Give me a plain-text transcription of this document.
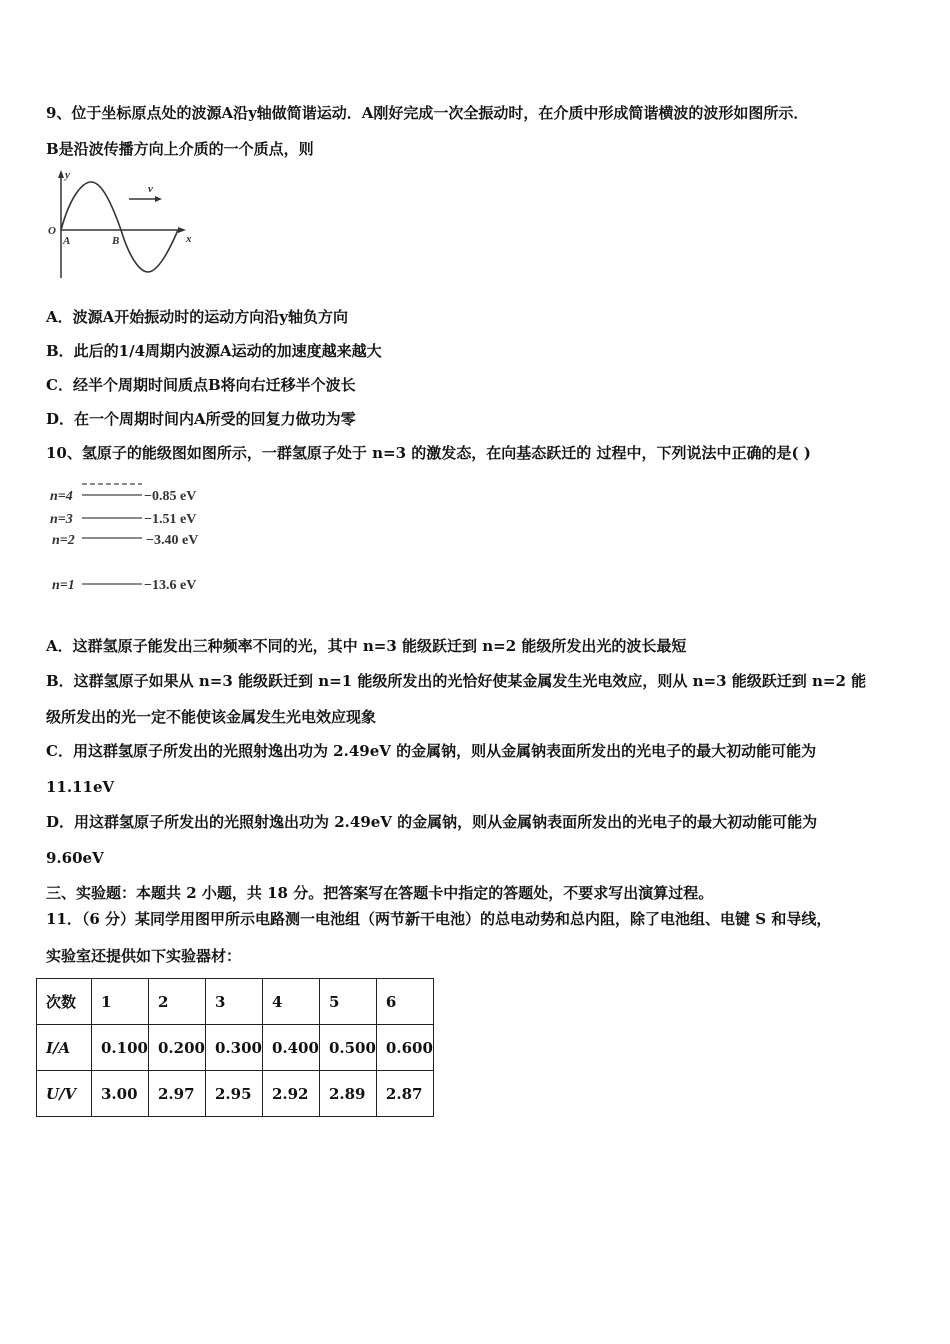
9、位于坐标原点处的波源A沿y轴做简谐运动．A刚好完成一次全振动时，在介质中形成简谐横波的波形如图所示．
B是沿波传播方向上介质的一个质点，则
y
x
O
A	B
v
A．波源A开始振动时的运动方向沿y轴负方向
B．此后的1/4周期内波源A运动的加速度越来越大
C．经半个周期时间质点B将向右迁移半个波长
D．在一个周期时间内A所受的回复力做功为零
10、氢原子的能级图如图所示，一群氢原子处于 n=3 的激发态，在向基态跃迁的 过程中，下列说法中正确的是( )
n=4	−0.85 eV
n=3	−1.51 eV
n=2	−3.40 eV
n=1	−13.6 eV
A．这群氢原子能发出三种频率不同的光，其中 n=3 能级跃迁到 n=2 能级所发出光的波长最短
B．这群氢原子如果从 n=3 能级跃迁到 n=1 能级所发出的光恰好使某金属发生光电效应，则从 n=3 能级跃迁到 n=2 能
级所发出的光一定不能使该金属发生光电效应现象
C．用这群氢原子所发出的光照射逸出功为 2.49eV 的金属钠，则从金属钠表面所发出的光电子的最大初动能可能为
11.11eV
D．用这群氢原子所发出的光照射逸出功为 2.49eV 的金属钠，则从金属钠表面所发出的光电子的最大初动能可能为
9.60eV
三、实验题：本题共 2 小题，共 18 分。把答案写在答题卡中指定的答题处，不要求写出演算过程。
11．（6 分）某同学用图甲所示电路测一电池组（两节新干电池）的总电动势和总内阻，除了电池组、电键 S 和导线，
实验室还提供如下实验器材：
次数	1	2	3	4	5	6
I/A	0.100	0.200	0.300	0.400	0.500	0.600
U/V	3.00	2.97	2.95	2.92	2.89	2.87
